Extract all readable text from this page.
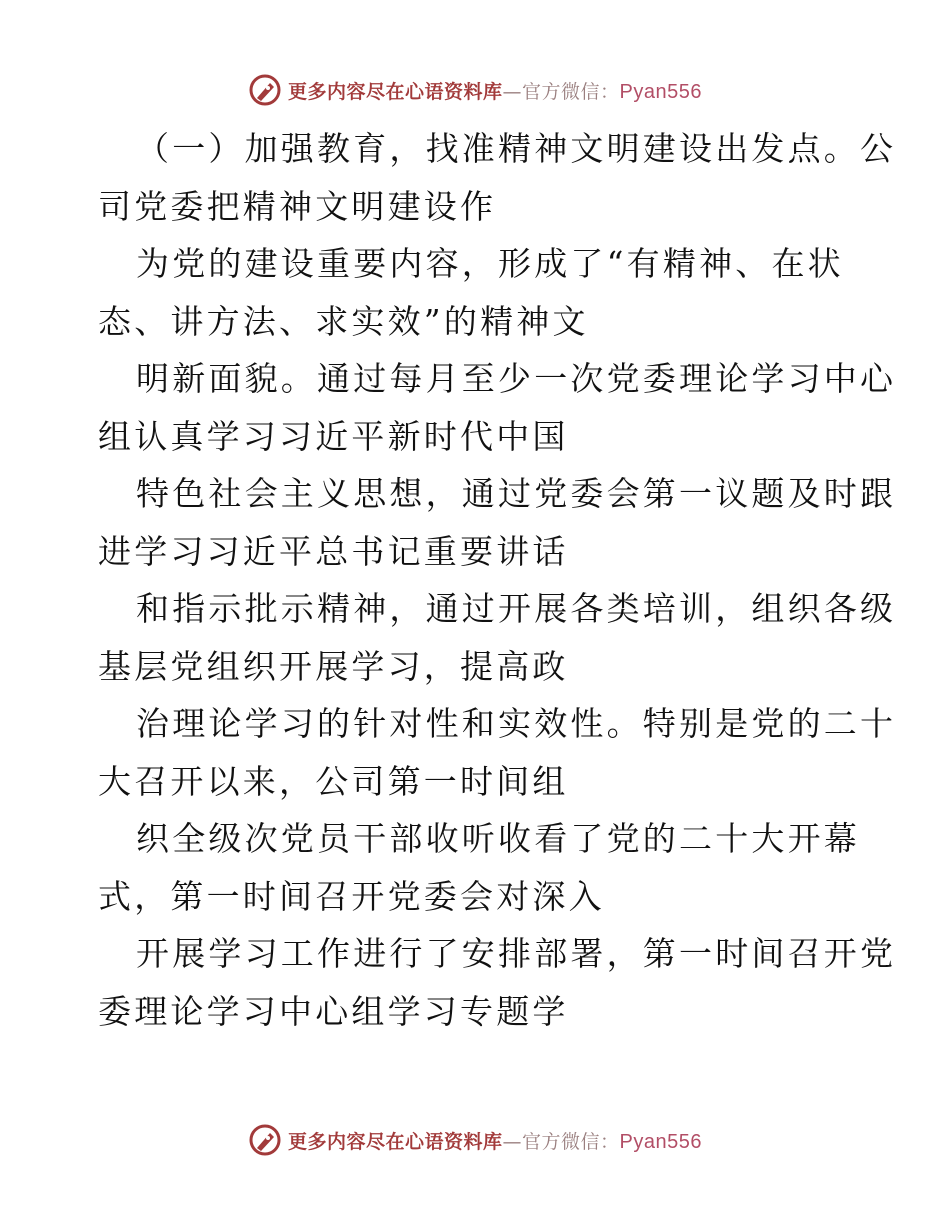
更多内容尽在心语资料库 — 官方微信： Pyan556
（一）加强教育，找准精神文明建设出发点。公
司党委把精神文明建设作
为党的建设重要内容，形成了“有精神、在状
态、讲方法、求实效”的精神文
明新面貌。通过每月至少一次党委理论学习中心
组认真学习习近平新时代中国
特色社会主义思想，通过党委会第一议题及时跟
进学习习近平总书记重要讲话
和指示批示精神，通过开展各类培训，组织各级
基层党组织开展学习，提高政
治理论学习的针对性和实效性。特别是党的二十
大召开以来，公司第一时间组
织全级次党员干部收听收看了党的二十大开幕
式，第一时间召开党委会对深入
开展学习工作进行了安排部署，第一时间召开党
委理论学习中心组学习专题学
更多内容尽在心语资料库 — 官方微信： Pyan556
